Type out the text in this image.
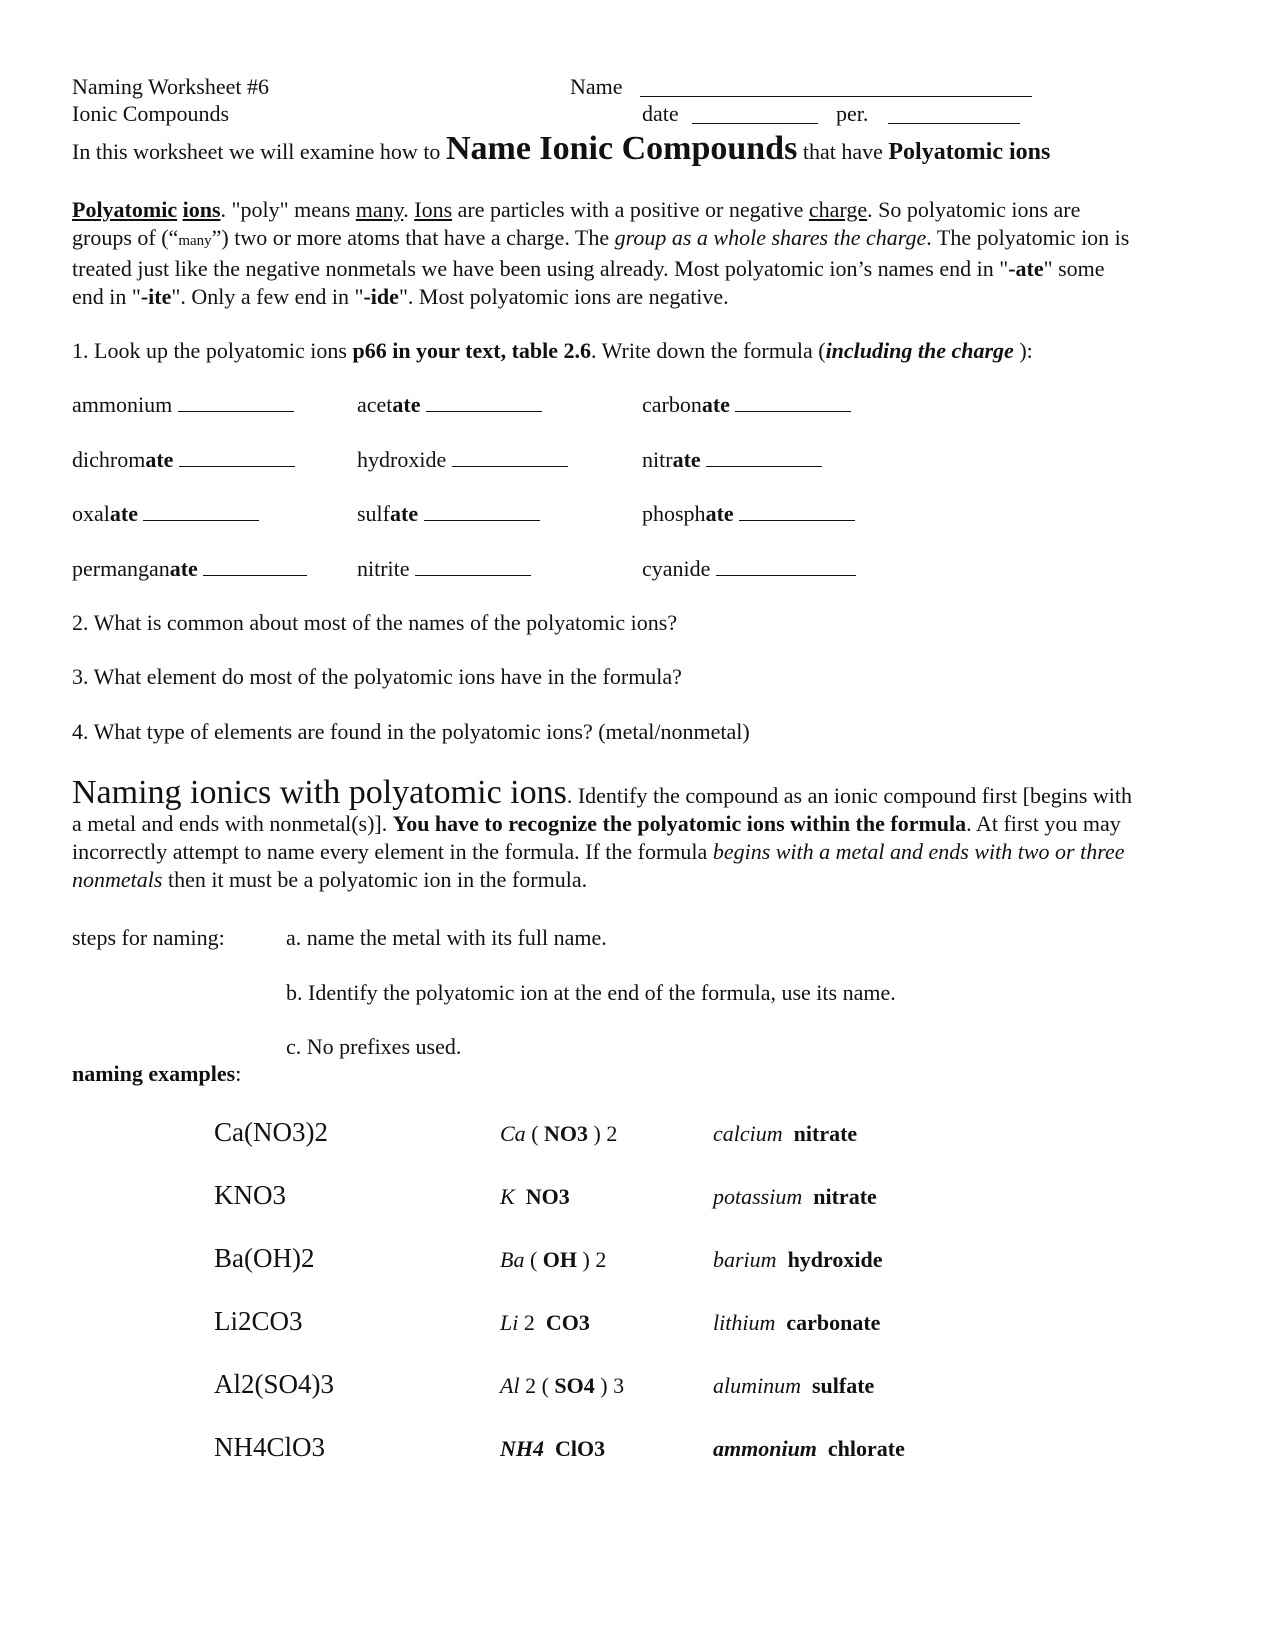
Naming Worksheet #6
Ionic Compounds
Name
date	per.
In this worksheet we will examine how to Name Ionic Compounds that have Polyatomic ions

Polyatomic ions. "poly" means many. Ions are particles with a positive or negative charge. So polyatomic ions are groups of (“many”) two or more atoms that have a charge. The group as a whole shares the charge. The polyatomic ion is treated just like the negative nonmetals we have been using already. Most polyatomic ion’s names end in "-ate" some end in "-ite". Only a few end in "-ide". Most polyatomic ions are negative.

1. Look up the polyatomic ions p66 in your text, table 2.6. Write down the formula (including the charge ):
ammonium	acetate	carbonate
dichromate	hydroxide	nitrate
oxalate	sulfate	phosphate
permanganate	nitrite	cyanide
2. What is common about most of the names of the polyatomic ions?
3. What element do most of the polyatomic ions have in the formula?
4. What type of elements are found in the polyatomic ions? (metal/nonmetal)

Naming ionics with polyatomic ions. Identify the compound as an ionic compound first [begins with a metal and ends with nonmetal(s)]. You have to recognize the polyatomic ions within the formula. At first you may incorrectly attempt to name every element in the formula. If the formula begins with a metal and ends with two or three nonmetals then it must be a polyatomic ion in the formula.

steps for naming:	a. name the metal with its full name.
b. Identify the polyatomic ion at the end of the formula, use its name.
c. No prefixes used.
naming examples:
Ca(NO3)2	Ca ( NO3 ) 2	calcium nitrate
KNO3	K NO3	potassium nitrate
Ba(OH)2	Ba ( OH ) 2	barium hydroxide
Li2CO3	Li 2 CO3	lithium carbonate
Al2(SO4)3	Al 2 ( SO4 ) 3	aluminum sulfate
NH4ClO3	NH4 ClO3	ammonium chlorate
